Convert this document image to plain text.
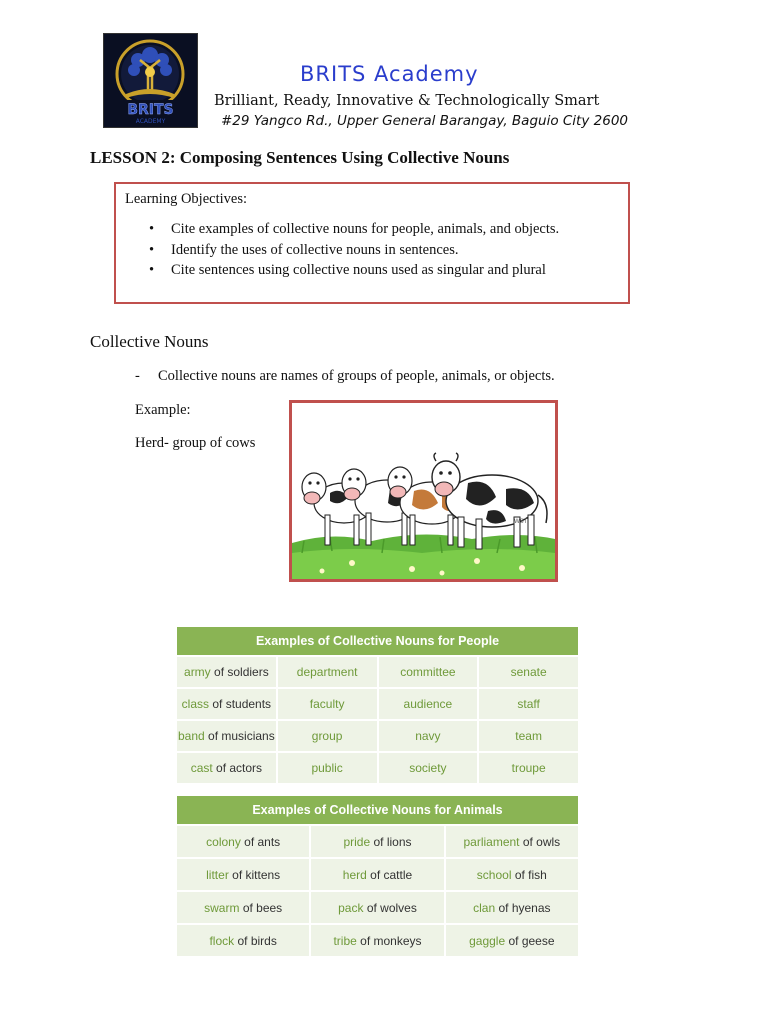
BRITS
ACADEMY
BRITS Academy
Brilliant, Ready, Innovative & Technologically Smart
#29 Yangco Rd., Upper General Barangay, Baguio City 2600
LESSON 2: Composing Sentences Using Collective Nouns
Learning Objectives:
• Cite examples of collective nouns for people, animals, and objects.
• Identify the uses of collective nouns in sentences.
• Cite sentences using collective nouns used as singular and plural
Collective Nouns
- Collective nouns are names of groups of people, animals, or objects.
Example:
Herd- group of cows
WST
Examples of Collective Nouns for People			
army of soldiers	department	committee	senate
class of students	faculty	audience	staff
band of musicians	group	navy	team
cast of actors	public	society	troupe
Examples of Collective Nouns for Animals		
colony of ants	pride of lions	parliament of owls
litter of kittens	herd of cattle	school of fish
swarm of bees	pack of wolves	clan of hyenas
flock of birds	tribe of monkeys	gaggle of geese
